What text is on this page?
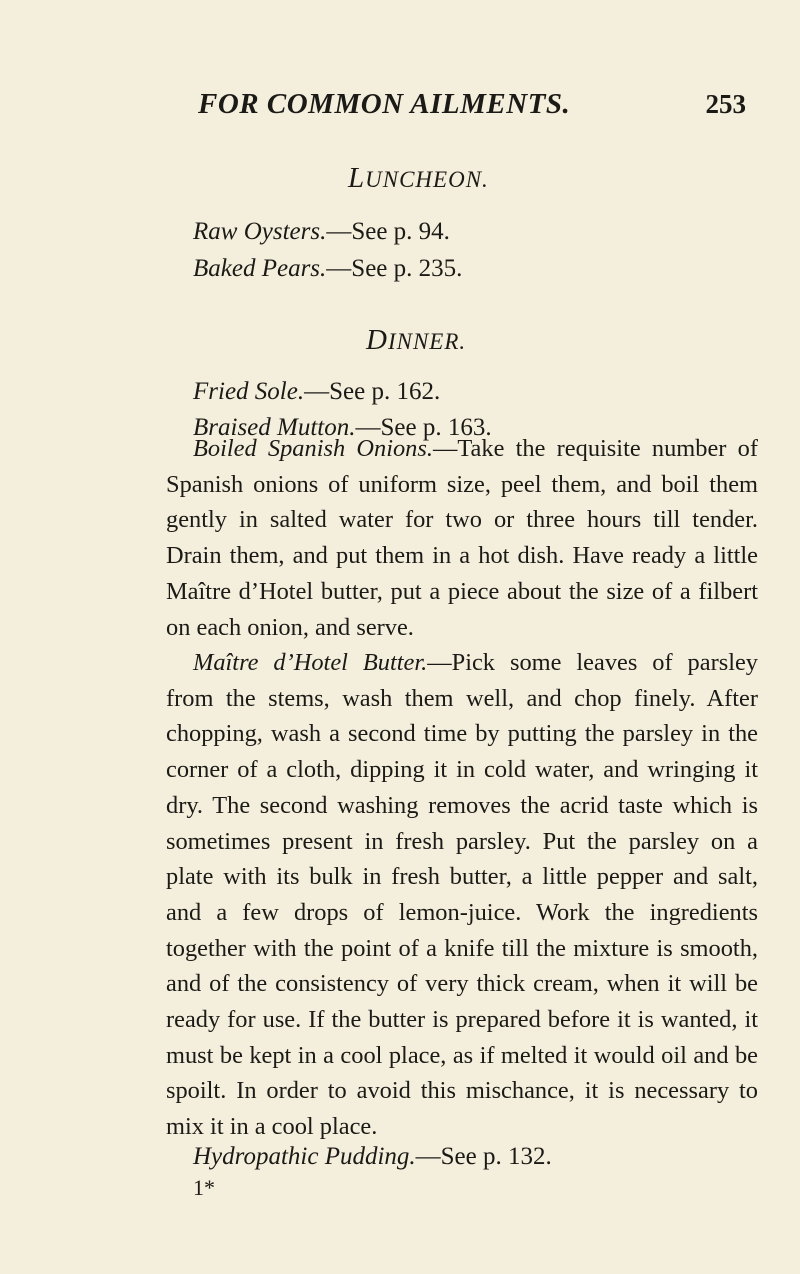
FOR COMMON AILMENTS.	253
LUNCHEON.
Raw Oysters.—See p. 94.
Baked Pears.—See p. 235.
DINNER.
Fried Sole.—See p. 162.
Braised Mutton.—See p. 163.

Boiled Spanish Onions.—Take the requisite number of Spanish onions of uniform size, peel them, and boil them gently in salted water for two or three hours till tender. Drain them, and put them in a hot dish. Have ready a little Maître d’Hotel butter, put a piece about the size of a filbert on each onion, and serve.

Maître d’Hotel Butter.—Pick some leaves of parsley from the stems, wash them well, and chop finely. After chopping, wash a second time by putting the parsley in the corner of a cloth, dipping it in cold water, and wringing it dry. The second washing removes the acrid taste which is sometimes present in fresh parsley. Put the parsley on a plate with its bulk in fresh butter, a little pepper and salt, and a few drops of lemon-juice. Work the ingredients together with the point of a knife till the mixture is smooth, and of the consistency of very thick cream, when it will be ready for use. If the butter is prepared before it is wanted, it must be kept in a cool place, as if melted it would oil and be spoilt. In order to avoid this mischance, it is necessary to mix it in a cool place.

Hydropathic Pudding.—See p. 132.
1*
